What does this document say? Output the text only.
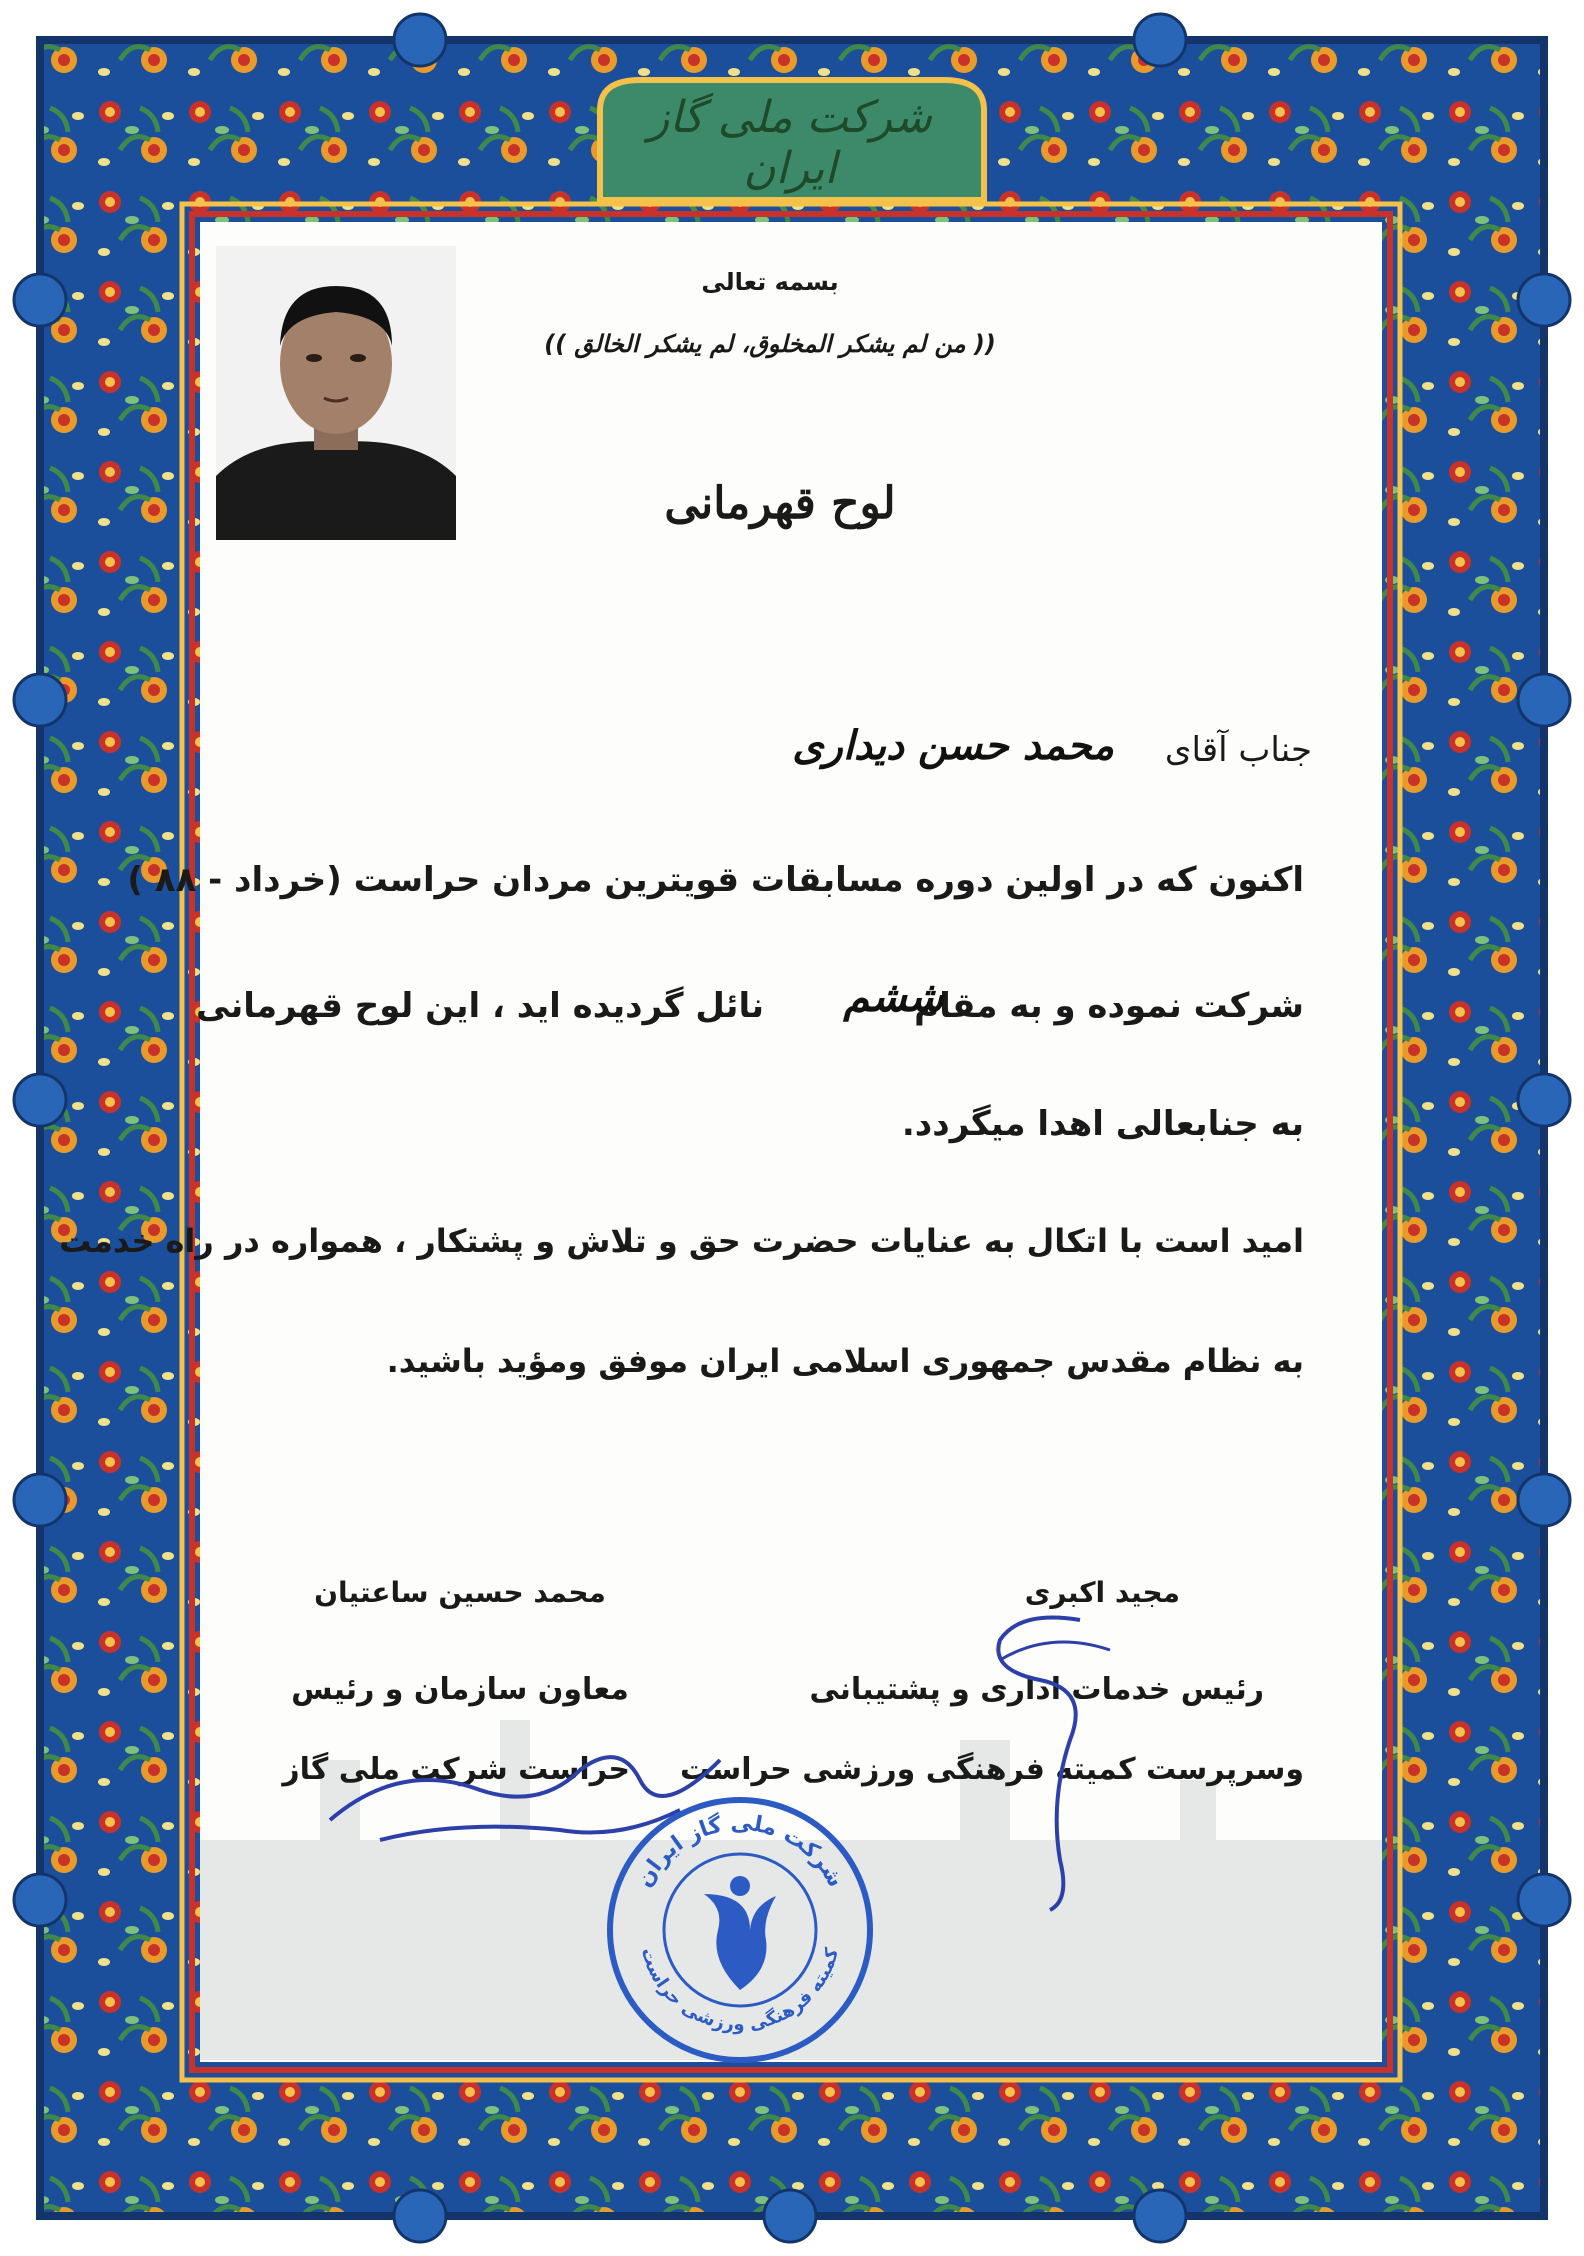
شرکت ملی گاز ایران
بسمه تعالی
(( من لم یشکر المخلوق، لم یشکر الخالق ))
لوح قهرمانی
جناب آقای
محمد حسن دیداری
اکنون که در اولین دوره مسابقات قویترین مردان حراست (خرداد - ۸۸ )
شرکت نموده و به مقام
ششم
نائل گردیده اید ، این لوح قهرمانی
به جنابعالی اهدا میگردد.
امید است با اتکال به عنایات حضرت حق و تلاش و پشتکار ، همواره در راه خدمت
به نظام مقدس جمهوری اسلامی ایران موفق ومؤید باشید.
مجید اکبری
رئیس خدمات اداری و پشتیبانی
وسرپرست کمیته فرهنگی ورزشی حراست
محمد حسین ساعتیان
معاون سازمان و رئیس
حراست شرکت ملی گاز
شرکت ملی گاز ایران
کمیته فرهنگی ورزشی حراست
